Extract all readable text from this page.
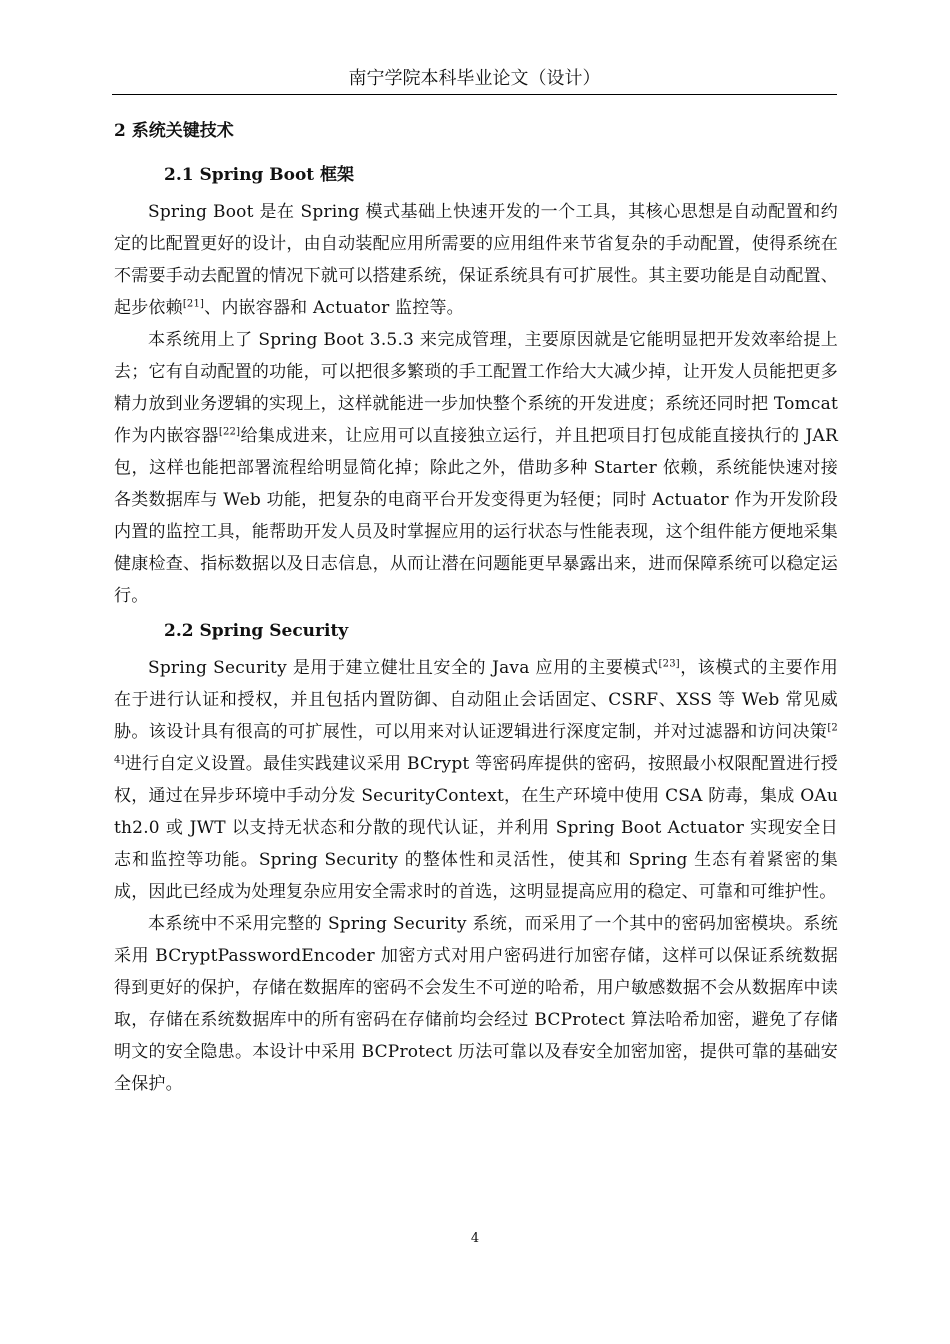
南宁学院本科毕业论文（设计）
2 系统关键技术
2.1 Spring Boot 框架

Spring Boot 是在 Spring 模式基础上快速开发的一个工具，其核心思想是自动配置和约定的比配置更好的设计，由自动装配应用所需要的应用组件来节省复杂的手动配置，使得系统在不需要手动去配置的情况下就可以搭建系统，保证系统具有可扩展性。其主要功能是自动配置、起步依赖[21]、内嵌容器和 Actuator 监控等。

本系统用上了 Spring Boot 3.5.3 来完成管理，主要原因就是它能明显把开发效率给提上去；它有自动配置的功能，可以把很多繁琐的手工配置工作给大大减少掉，让开发人员能把更多精力放到业务逻辑的实现上，这样就能进一步加快整个系统的开发进度；系统还同时把 Tomcat 作为内嵌容器[22]给集成进来，让应用可以直接独立运行，并且把项目打包成能直接执行的 JAR 包，这样也能把部署流程给明显简化掉；除此之外，借助多种 Starter 依赖，系统能快速对接各类数据库与 Web 功能，把复杂的电商平台开发变得更为轻便；同时 Actuator 作为开发阶段内置的监控工具，能帮助开发人员及时掌握应用的运行状态与性能表现，这个组件能方便地采集健康检查、指标数据以及日志信息，从而让潜在问题能更早暴露出来，进而保障系统可以稳定运行。

2.2 Spring Security

Spring Security 是用于建立健壮且安全的 Java 应用的主要模式[23]，该模式的主要作用在于进行认证和授权，并且包括内置防御、自动阻止会话固定、CSRF、XSS 等 Web 常见威胁。该设计具有很高的可扩展性，可以用来对认证逻辑进行深度定制，并对过滤器和访问决策[24]进行自定义设置。最佳实践建议采用 BCrypt 等密码库提供的密码，按照最小权限配置进行授权，通过在异步环境中手动分发 SecurityContext，在生产环境中使用 CSA 防毒，集成 OAuth2.0 或 JWT 以支持无状态和分散的现代认证，并利用 Spring Boot Actuator 实现安全日志和监控等功能。Spring Security 的整体性和灵活性，使其和 Spring 生态有着紧密的集成，因此已经成为处理复杂应用安全需求时的首选，这明显提高应用的稳定、可靠和可维护性。

本系统中不采用完整的 Spring Security 系统，而采用了一个其中的密码加密模块。系统采用 BCryptPasswordEncoder 加密方式对用户密码进行加密存储，这样可以保证系统数据得到更好的保护，存储在数据库的密码不会发生不可逆的哈希，用户敏感数据不会从数据库中读取，存储在系统数据库中的所有密码在存储前均会经过 BCProtect 算法哈希加密，避免了存储明文的安全隐患。本设计中采用 BCProtect 历法可靠以及春安全加密加密，提供可靠的基础安全保护。

4
